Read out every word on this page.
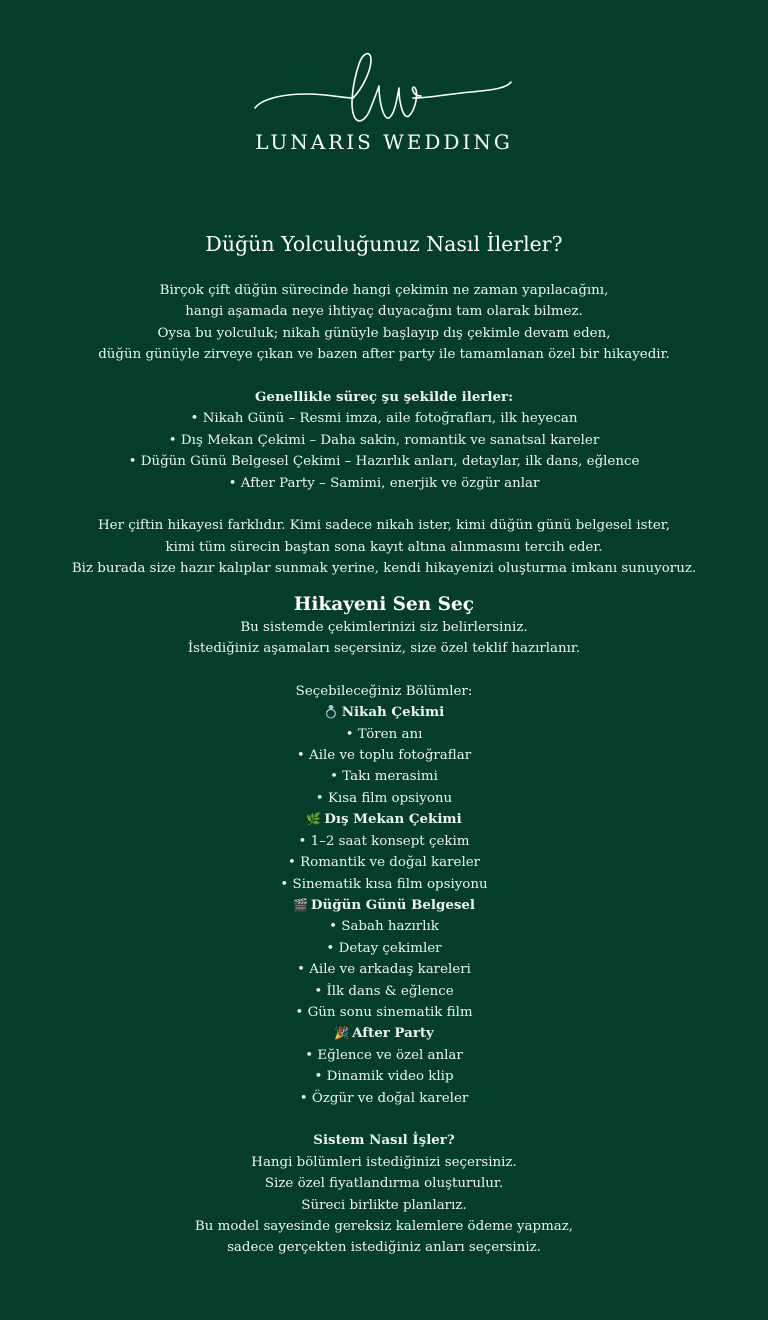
LUNARIS WEDDING
Düğün Yolculuğunuz Nasıl İlerler?
Birçok çift düğün sürecinde hangi çekimin ne zaman yapılacağını,
hangi aşamada neye ihtiyaç duyacağını tam olarak bilmez.
Oysa bu yolculuk; nikah günüyle başlayıp dış çekimle devam eden,
düğün günüyle zirveye çıkan ve bazen after party ile tamamlanan özel bir hikayedir.
Genellikle süreç şu şekilde ilerler:
• Nikah Günü – Resmi imza, aile fotoğrafları, ilk heyecan
• Dış Mekan Çekimi – Daha sakin, romantik ve sanatsal kareler
• Düğün Günü Belgesel Çekimi – Hazırlık anları, detaylar, ilk dans, eğlence
• After Party – Samimi, enerjik ve özgür anlar
Her çiftin hikayesi farklıdır. Kimi sadece nikah ister, kimi düğün günü belgesel ister,
kimi tüm sürecin baştan sona kayıt altına alınmasını tercih eder.
Biz burada size hazır kalıplar sunmak yerine, kendi hikayenizi oluşturma imkanı sunuyoruz.
Hikayeni Sen Seç
Bu sistemde çekimlerinizi siz belirlersiniz.
İstediğiniz aşamaları seçersiniz, size özel teklif hazırlanır.
Seçebileceğiniz Bölümler:
💍 Nikah Çekimi
• Tören anı
• Aile ve toplu fotoğraflar
• Takı merasimi
• Kısa film opsiyonu
🌿 Dış Mekan Çekimi
• 1–2 saat konsept çekim
• Romantik ve doğal kareler
• Sinematik kısa film opsiyonu
🎬 Düğün Günü Belgesel
• Sabah hazırlık
• Detay çekimler
• Aile ve arkadaş kareleri
• İlk dans & eğlence
• Gün sonu sinematik film
🎉 After Party
• Eğlence ve özel anlar
• Dinamik video klip
• Özgür ve doğal kareler
Sistem Nasıl İşler?
Hangi bölümleri istediğinizi seçersiniz.
Size özel fiyatlandırma oluşturulur.
Süreci birlikte planlarız.
Bu model sayesinde gereksiz kalemlere ödeme yapmaz,
sadece gerçekten istediğiniz anları seçersiniz.
